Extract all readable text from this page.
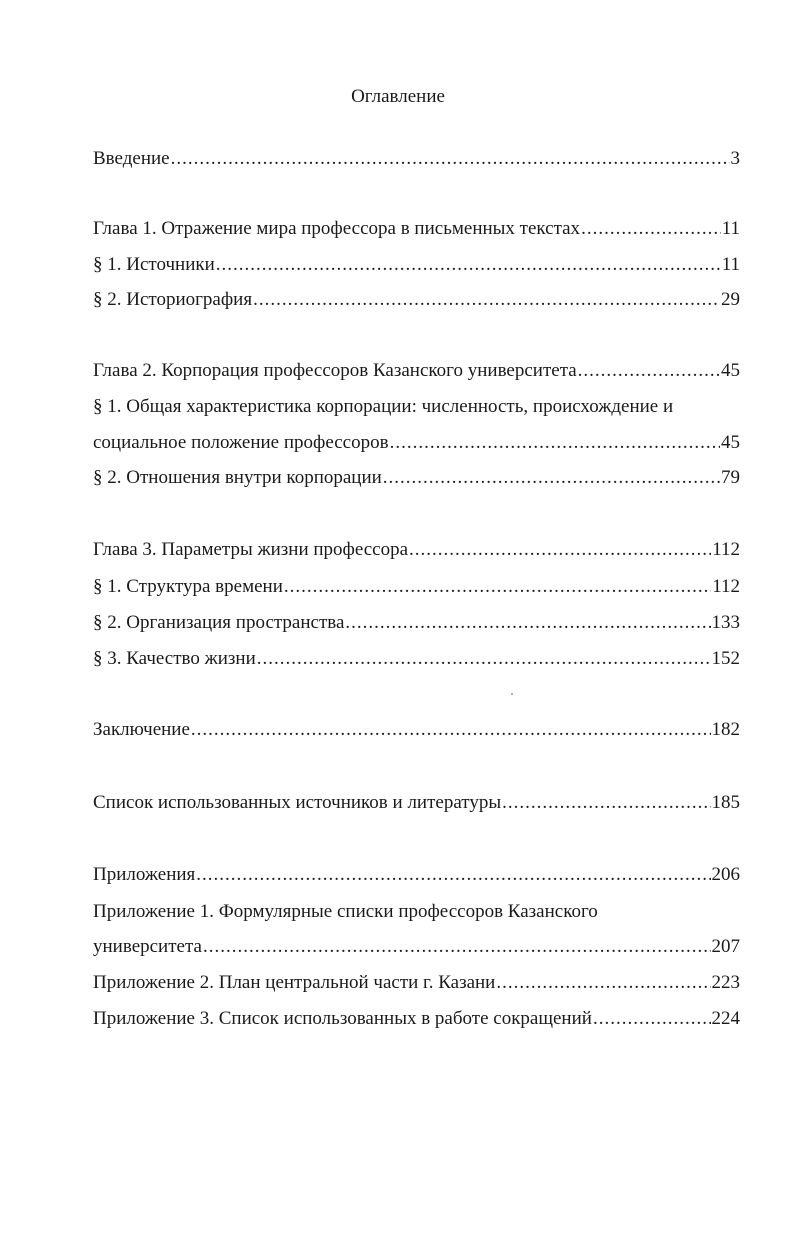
Оглавление
Введение .....	3
Глава 1. Отражение мира профессора в письменных текстах .....	11
§ 1. Источники .....	11
§ 2. Историография .....	29
Глава 2. Корпорация профессоров Казанского университета .....	45
§ 1. Общая характеристика корпорации: численность, происхождение и
социальное положение профессоров .....	45
§ 2. Отношения внутри корпорации .....	79
Глава 3. Параметры жизни профессора .....	112
§ 1. Структура времени .....	112
§ 2. Организация пространства .....	133
§ 3. Качество жизни .....	152
Заключение .....	182
Список использованных источников и литературы .....	185
Приложения .....	206
Приложение 1. Формулярные списки профессоров Казанского
университета .....	207
Приложение 2. План центральной части г. Казани .....	223
Приложение 3. Список использованных в работе сокращений .....	224
